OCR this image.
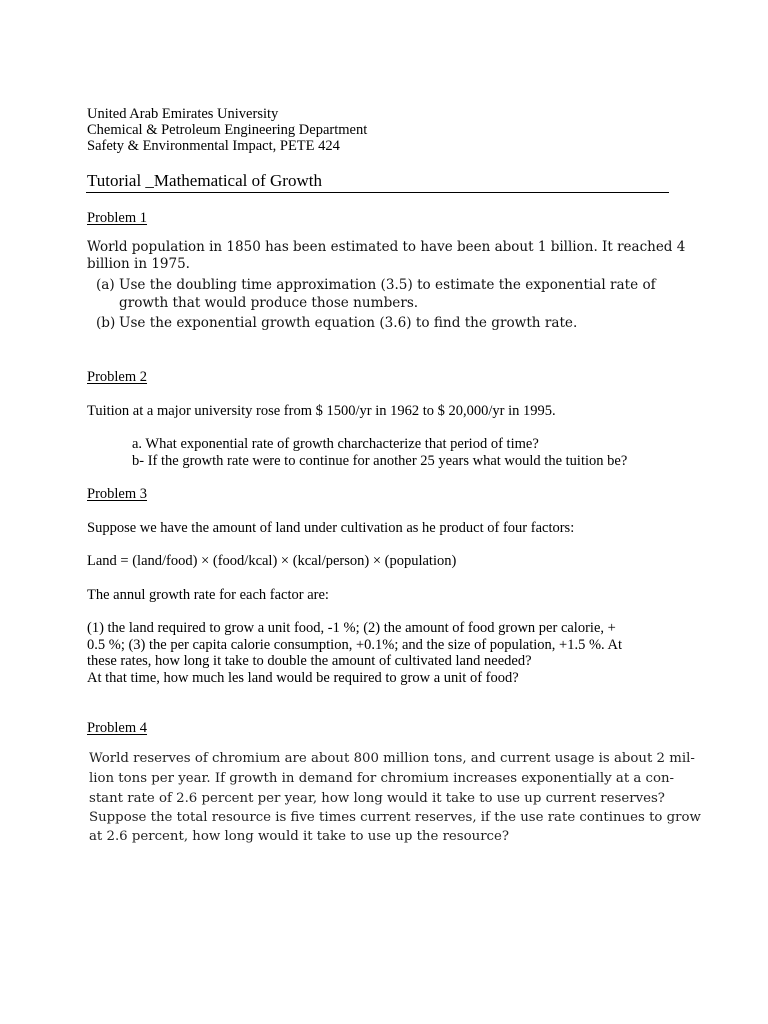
United Arab Emirates University
Chemical & Petroleum Engineering Department
Safety & Environmental Impact, PETE 424
Tutorial _Mathematical of Growth
Problem 1
World population in 1850 has been estimated to have been about 1 billion. It reached 4
billion in 1975.
(a) Use the doubling time approximation (3.5) to estimate the exponential rate of
growth that would produce those numbers.
(b) Use the exponential growth equation (3.6) to find the growth rate.
Problem 2
Tuition at a major university rose from $ 1500/yr in 1962 to $ 20,000/yr in 1995.
a. What exponential rate of growth charchacterize that period of time?
b- If the growth rate were to continue for another 25 years what would the tuition be?
Problem 3
Suppose we have the amount of land under cultivation as he product of four factors:
Land = (land/food) × (food/kcal) × (kcal/person) × (population)
The annul growth rate for each factor are:
(1) the land required to grow a unit food, -1 %; (2) the amount of food grown per calorie, +
0.5 %; (3) the per capita calorie consumption, +0.1%; and the size of population, +1.5 %. At
these rates, how long it take to double the amount of cultivated land needed?
At that time, how much les land would be required to grow a unit of food?
Problem 4
World reserves of chromium are about 800 million tons, and current usage is about 2 mil-
lion tons per year. If growth in demand for chromium increases exponentially at a con-
stant rate of 2.6 percent per year, how long would it take to use up current reserves?
Suppose the total resource is five times current reserves, if the use rate continues to grow
at 2.6 percent, how long would it take to use up the resource?
